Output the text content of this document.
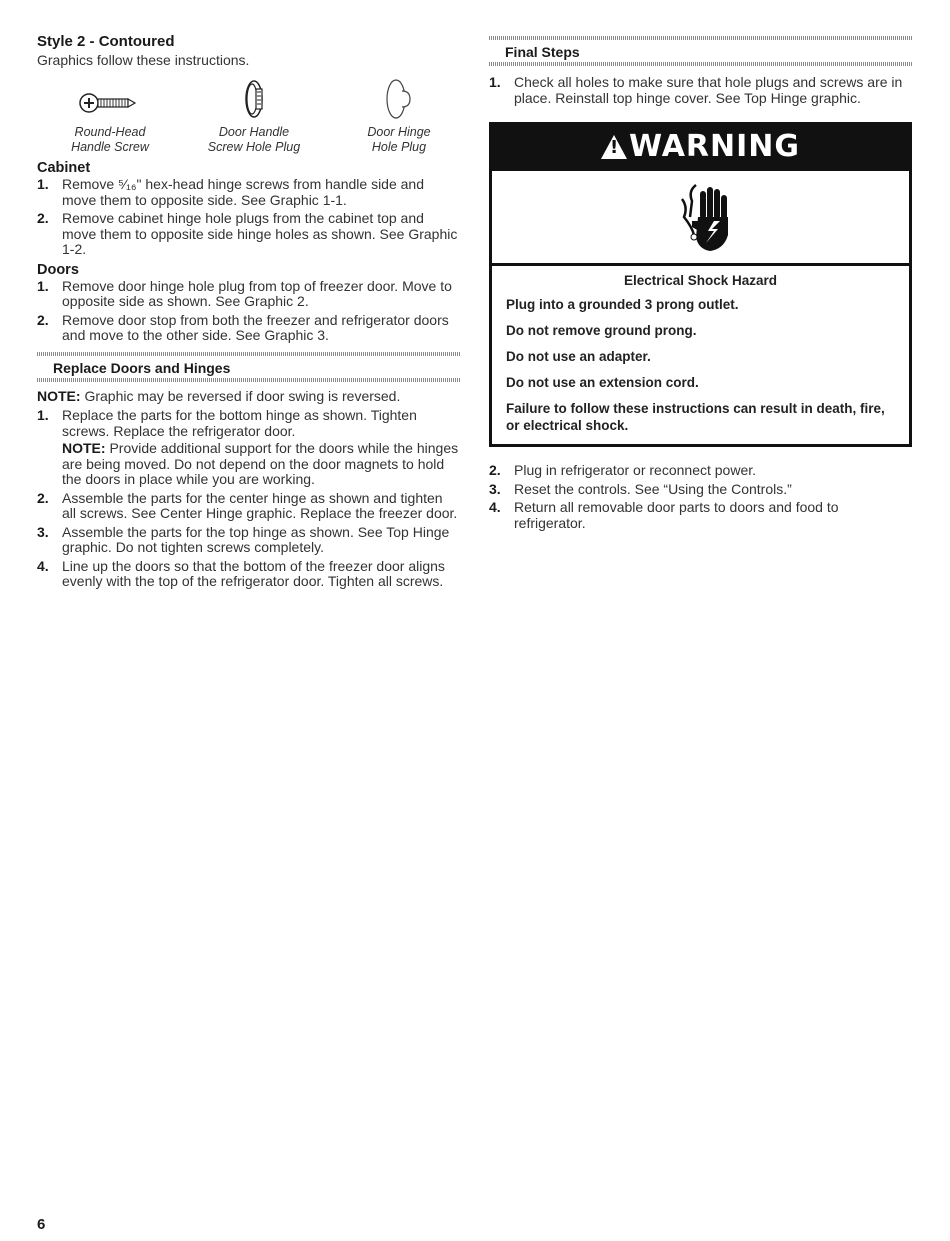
Style 2 - Contoured

Graphics follow these instructions.

Round-Head
Handle Screw
Door Handle
Screw Hole Plug
Door Hinge
Hole Plug

Cabinet

1. Remove ⁵⁄₁₆" hex-head hinge screws from handle side and move them to opposite side. See Graphic 1-1.
2. Remove cabinet hinge hole plugs from the cabinet top and move them to opposite side hinge holes as shown. See Graphic 1-2.

Doors

1. Remove door hinge hole plug from top of freezer door. Move to opposite side as shown. See Graphic 2.
2. Remove door stop from both the freezer and refrigerator doors and move to the other side. See Graphic 3.
Replace Doors and Hinges

NOTE: Graphic may be reversed if door swing is reversed.

1. Replace the parts for the bottom hinge as shown. Tighten screws. Replace the refrigerator door.

NOTE: Provide additional support for the doors while the hinges are being moved. Do not depend on the door magnets to hold the doors in place while you are working.

2. Assemble the parts for the center hinge as shown and tighten all screws. See Center Hinge graphic. Replace the freezer door.
3. Assemble the parts for the top hinge as shown. See Top Hinge graphic. Do not tighten screws completely.
4. Line up the doors so that the bottom of the freezer door aligns evenly with the top of the refrigerator door. Tighten all screws.
Final Steps
1. Check all holes to make sure that hole plugs and screws are in place. Reinstall top hinge cover. See Top Hinge graphic.
!
WARNING
Electrical Shock Hazard
Plug into a grounded 3 prong outlet.
Do not remove ground prong.
Do not use an adapter.
Do not use an extension cord.
Failure to follow these instructions can result in death, fire, or electrical shock.
2. Plug in refrigerator or reconnect power.
3. Reset the controls. See “Using the Controls.”
4. Return all removable door parts to doors and food to refrigerator.
6
